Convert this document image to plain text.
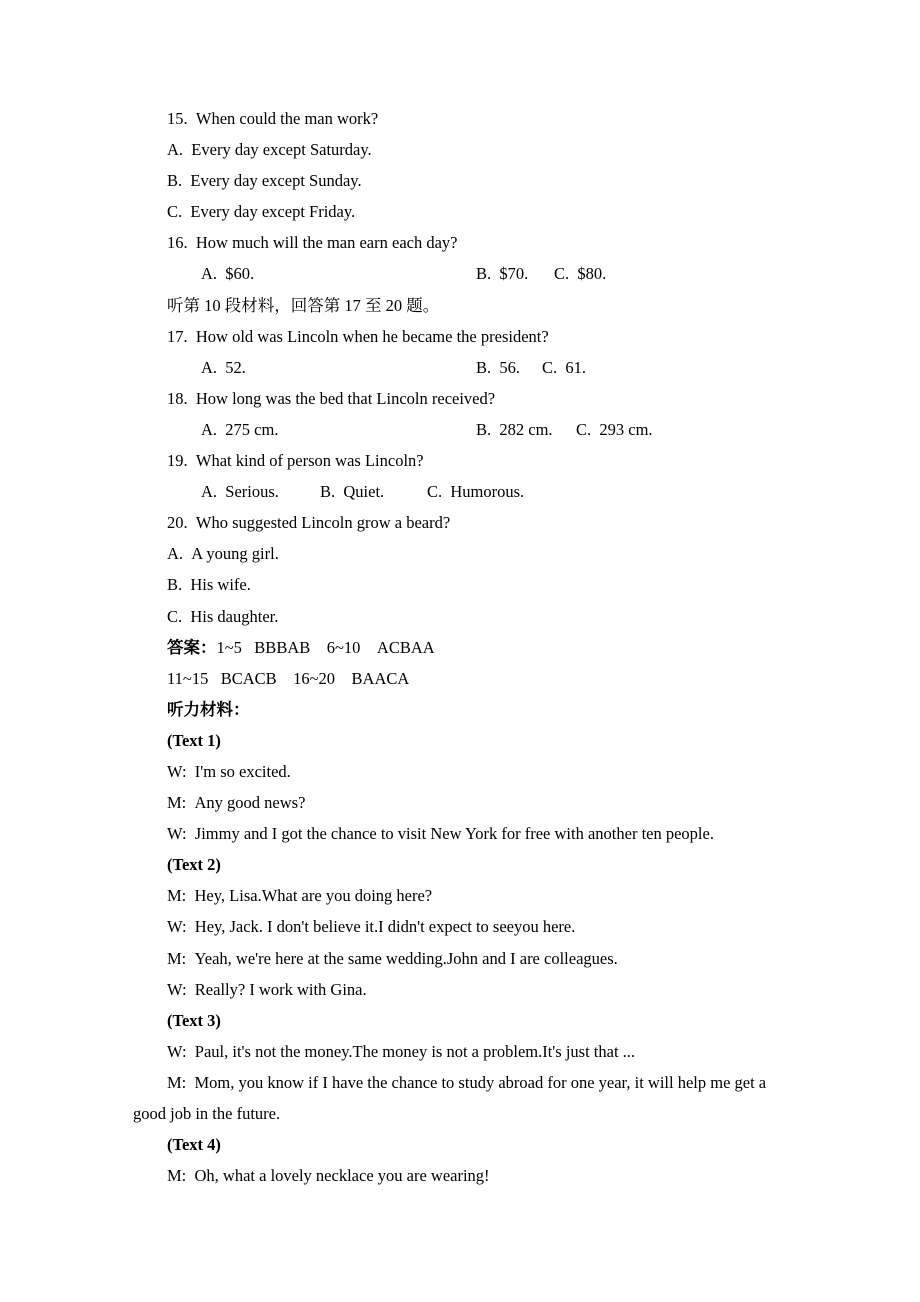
15.  When could the man work?

A.  Every day except Saturday.

B.  Every day except Sunday.

C.  Every day except Friday.

16.  How much will the man earn each day?

A.  $60.	B.  $70.	C.  $80.

听第 10 段材料，回答第 17 至 20 题。

17.  How old was Lincoln when he became the president?

A.  52.	B.  56.	C.  61.

18.  How long was the bed that Lincoln received?

A.  275 cm.	B.  282 cm.	C.  293 cm.

19.  What kind of person was Lincoln?

A.  Serious.	B.  Quiet.	C.  Humorous.

20.  Who suggested Lincoln grow a beard?

A.  A young girl.

B.  His wife.

C.  His daughter.

答案：1~5   BBBAB    6~10    ACBAA

11~15   BCACB    16~20    BAACA

听力材料：

(Text 1)

W:  I'm so excited.

M:  Any good news?

W:  Jimmy and I got the chance to visit New York for free with another ten people.

(Text 2)

M:  Hey, Lisa.What are you doing here?

W:  Hey, Jack. I don't believe it.I didn't expect to seeyou here.

M:  Yeah, we're here at the same wedding.John and I are colleagues.

W:  Really? I work with Gina.

(Text 3)

W:  Paul, it's not the money.The money is not a problem.It's just that ...

M:  Mom, you know if I have the chance to study abroad for one year, it will help me get a good job in the future.

(Text 4)

M:  Oh, what a lovely necklace you are wearing!
